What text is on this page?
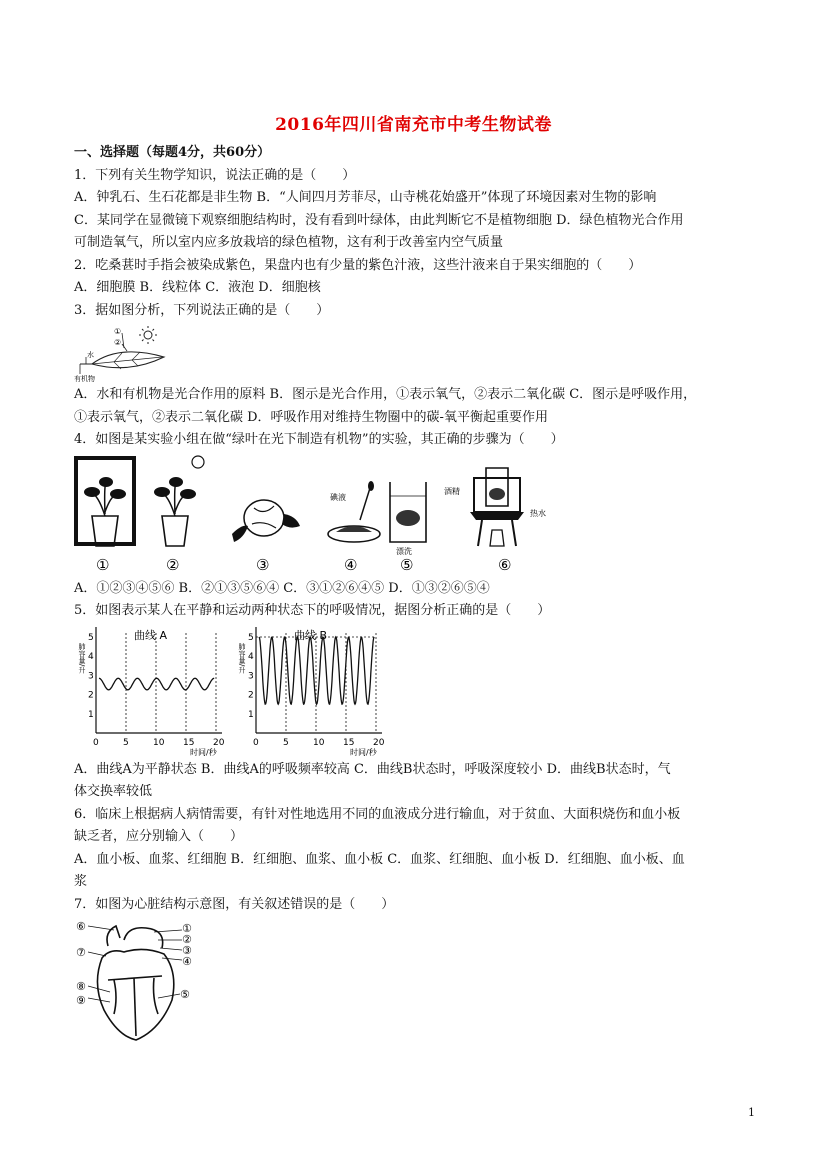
2016年四川省南充市中考生物试卷

一、选择题（每题4分，共60分）

1．下列有关生物学知识，说法正确的是（　　）

A．钟乳石、生石花都是非生物 B．“人间四月芳菲尽，山寺桃花始盛开”体现了环境因素对生物的影响

C．某同学在显微镜下观察细胞结构时，没有看到叶绿体，由此判断它不是植物细胞 D．绿色植物光合作用

可制造氧气，所以室内应多放栽培的绿色植物，这有利于改善室内空气质量

2．吃桑葚时手指会被染成紫色，果盘内也有少量的紫色汁液，这些汁液来自于果实细胞的（　　）

A．细胞膜 B．线粒体 C．液泡 D．细胞核

3．据如图分析，下列说法正确的是（　　）

①
②
水
有机物

A．水和有机物是光合作用的原料 B．图示是光合作用，①表示氧气，②表示二氧化碳 C．图示是呼吸作用，

①表示氧气，②表示二氧化碳 D．呼吸作用对维持生物圈中的碳-氧平衡起重要作用

4．如图是某实验小组在做“绿叶在光下制造有机物”的实验，其正确的步骤为（　　）

碘液
漂洗
酒精
热水
①	②	③	④	⑤	⑥

A．①②③④⑤⑥ B．②①③⑤⑥④ C．③①②⑥④⑤ D．①③②⑥⑤④

5．如图表示某人在平静和运动两种状态下的呼吸情况，据图分析正确的是（　　）

曲线 A
肺容量/升
时间/秒
1
2
3
4
5
0	5	10 15 20
曲线 B
肺容量/升
时间/秒
1
2
3
4
5
0	5	10 15 20

A．曲线A为平静状态 B．曲线A的呼吸频率较高 C．曲线B状态时，呼吸深度较小 D．曲线B状态时，气

体交换率较低

6．临床上根据病人病情需要，有针对性地选用不同的血液成分进行输血，对于贫血、大面积烧伤和血小板

缺乏者，应分别输入（　　）

A．血小板、血浆、红细胞 B．红细胞、血浆、血小板 C．血浆、红细胞、血小板 D．红细胞、血小板、血

浆

7．如图为心脏结构示意图，有关叙述错误的是（　　）

⑥
⑦
⑧
⑨
①
②
③
④
⑤
1
